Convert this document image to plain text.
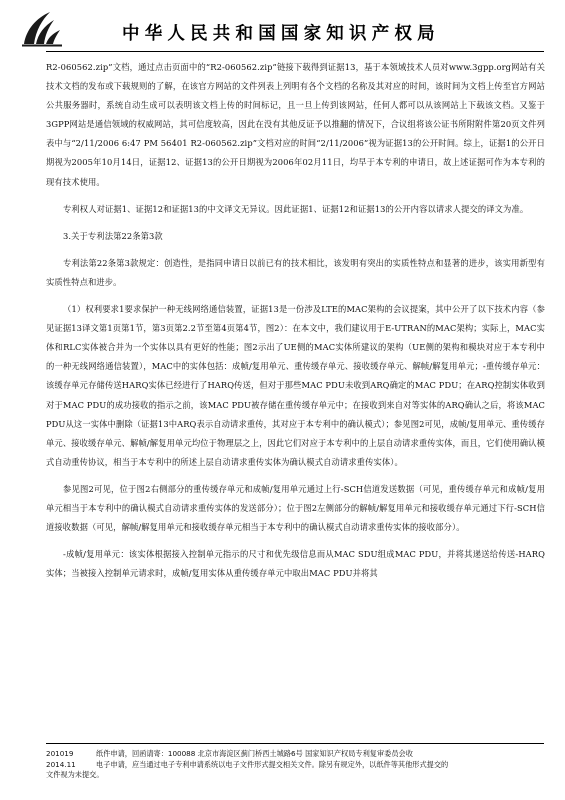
中华人民共和国国家知识产权局

R2-060562.zip”文档，通过点击页面中的“R2-060562.zip”链接下载得到证据13，基于本领域技术人员对www.3gpp.org网站有关技术文档的发布或下载规则的了解，在该官方网站的文件列表上列明有各个文档的名称及其对应的时间，该时间为文档上传至官方网站公共服务器时，系统自动生成可以表明该文档上传的时间标记，且一旦上传到该网站，任何人都可以从该网站上下载该文档。又鉴于3GPP网站是通信领域的权威网站，其可信度较高，因此在没有其他反证予以推翻的情况下，合议组将该公证书所附附件第20页文件列表中与“2/11/2006 6:47 PM 56401 R2-060562.zip”文档对应的时间“2/11/2006”视为证据13的公开时间。综上，证据1的公开日期视为2005年10月14日，证据12、证据13的公开日期视为2006年02月11日，均早于本专利的申请日，故上述证据可作为本专利的现有技术使用。

专利权人对证据1、证据12和证据13的中文译文无异议。因此证据1、证据12和证据13的公开内容以请求人提交的译文为准。

3.关于专利法第22条第3款

专利法第22条第3款规定：创造性，是指同申请日以前已有的技术相比，该发明有突出的实质性特点和显著的进步，该实用新型有实质性特点和进步。

（1）权利要求1要求保护一种无线网络通信装置，证据13是一份涉及LTE的MAC架构的会议提案，其中公开了以下技术内容（参见证据13译文第1页第1节，第3页第2.2节至第4页第4节，图2）：在本文中，我们建议用于E-UTRAN的MAC架构；实际上，MAC实体和RLC实体被合并为一个实体以具有更好的性能；图2示出了UE侧的MAC实体所建议的架构（UE侧的架构和模块对应于本专利中的一种无线网络通信装置），MAC中的实体包括：成帧/复用单元、重传缓存单元、接收缓存单元、解帧/解复用单元；-重传缓存单元：该缓存单元存储传送HARQ实体已经进行了HARQ传送，但对于那些MAC PDU未收到ARQ确定的MAC PDU；在ARQ控制实体收到对于MAC PDU的成功接收的指示之前，该MAC PDU被存储在重传缓存单元中；在接收到来自对等实体的ARQ确认之后，将该MAC PDU从这一实体中删除（证据13中ARQ表示自动请求重传，其对应于本专利中的确认模式）；参见图2可见，成帧/复用单元、重传缓存单元、接收缓存单元、解帧/解复用单元均位于物理层之上，因此它们对应于本专利中的上层自动请求重传实体，而且，它们使用确认模式自动重传协议，相当于本专利中的所述上层自动请求重传实体为确认模式自动请求重传实体）。

参见图2可见，位于图2右侧部分的重传缓存单元和成帧/复用单元通过上行-SCH信道发送数据（可见，重传缓存单元和成帧/复用单元相当于本专利中的确认模式自动请求重传实体的发送部分）；位于图2左侧部分的解帧/解复用单元和接收缓存单元通过下行-SCH信道接收数据（可见，解帧/解复用单元和接收缓存单元相当于本专利中的确认模式自动请求重传实体的接收部分）。

-成帧/复用单元：该实体根据接入控制单元指示的尺寸和优先级信息而从MAC SDU组成MAC PDU，并将其递送给传送-HARQ实体；当被接入控制单元请求时，成帧/复用实体从重传缓存单元中取出MAC PDU并将其

201019	纸件申请，回函请寄：100088 北京市海淀区蓟门桥西土城路6号 国家知识产权局专利复审委员会收
2014.11	电子申请，应当通过电子专利申请系统以电子文件形式提交相关文件。除另有规定外，以纸件等其他形式提交的
文件视为未提交。
